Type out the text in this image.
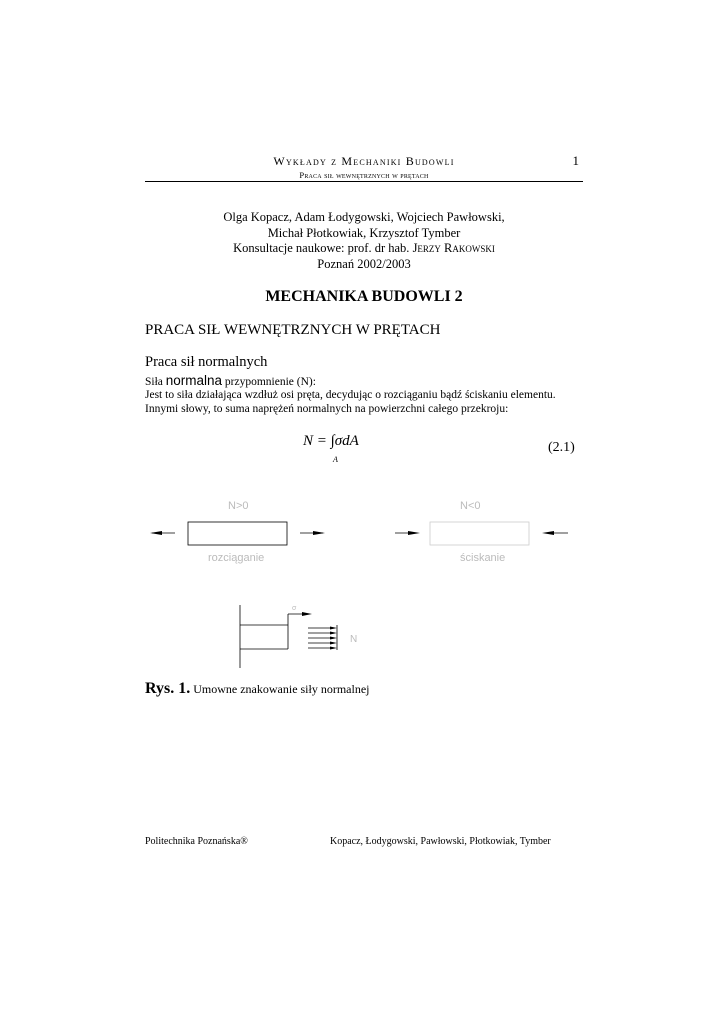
Wykłady z Mechaniki Budowli	1
Praca sił wewnętrznych w prętach
Olga Kopacz, Adam Łodygowski, Wojciech Pawłowski,
Michał Płotkowiak, Krzysztof Tymber
Konsultacje naukowe: prof. dr hab. Jerzy Rakowski
Poznań 2002/2003
MECHANIKA BUDOWLI 2
PRACA SIŁ WEWNĘTRZNYCH W PRĘTACH
Praca sił normalnych
Siła normalna przypomnienie (N):
Jest to siła działająca wzdłuż osi pręta, decydując o rozciąganiu bądź ściskaniu elementu.
Innymi słowy, to suma naprężeń normalnych na powierzchni całego przekroju:
N = ∫σdA
A
(2.1)
N>0
rozciąganie
N<0
ściskanie
σ
N
Rys. 1. Umowne znakowanie siły normalnej
Politechnika Poznańska®	Kopacz, Łodygowski, Pawłowski, Płotkowiak, Tymber
